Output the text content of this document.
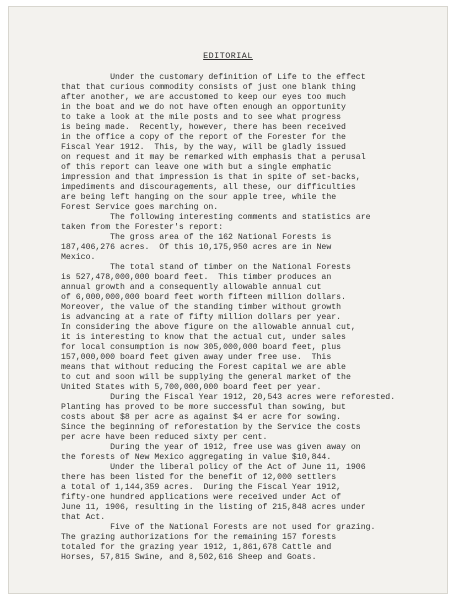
EDITORIAL
Under the customary definition of Life to the effect
that that curious commodity consists of just one blank thing
after another, we are accustomed to keep our eyes too much
in the boat and we do not have often enough an opportunity
to take a look at the mile posts and to see what progress
is being made.  Recently, however, there has been received
in the office a copy of the report of the Forester for the
Fiscal Year 1912.  This, by the way, will be gladly issued
on request and it may be remarked with emphasis that a perusal
of this report can leave one with but a single emphatic
impression and that impression is that in spite of set-backs,
impediments and discouragements, all these, our difficulties
are being left hanging on the sour apple tree, while the
Forest Service goes marching on.
The following interesting comments and statistics are
taken from the Forester's report:
The gross area of the 162 National Forests is
187,406,276 acres.  Of this 10,175,950 acres are in New
Mexico.
The total stand of timber on the National Forests
is 527,478,000,000 board feet.  This timber produces an
annual growth and a consequently allowable annual cut
of 6,000,000,000 board feet worth fifteen million dollars.
Moreover, the value of the standing timber without growth
is advancing at a rate of fifty million dollars per year.
In considering the above figure on the allowable annual cut,
it is interesting to know that the actual cut, under sales
for local consumption is now 305,000,000 board feet, plus
157,000,000 board feet given away under free use.  This
means that without reducing the Forest capital we are able
to cut and soon will be supplying the general market of the
United States with 5,700,000,000 board feet per year.
During the Fiscal Year 1912, 20,543 acres were reforested.
Planting has proved to be more successful than sowing, but
costs about $8 per acre as against $4 er acre for sowing.
Since the beginning of reforestation by the Service the costs
per acre have been reduced sixty per cent.
During the year of 1912, free use was given away on
the forests of New Mexico aggregating in value $10,844.
Under the liberal policy of the Act of June 11, 1906
there has been listed for the benefit of 12,000 settlers
a total of 1,144,359 acres.  During the Fiscal Year 1912,
fifty-one hundred applications were received under Act of
June 11, 1906, resulting in the listing of 215,848 acres under
that Act.
Five of the National Forests are not used for grazing.
The grazing authorizations for the remaining 157 forests
totaled for the grazing year 1912, 1,861,678 Cattle and
Horses, 57,815 Swine, and 8,502,616 Sheep and Goats.
